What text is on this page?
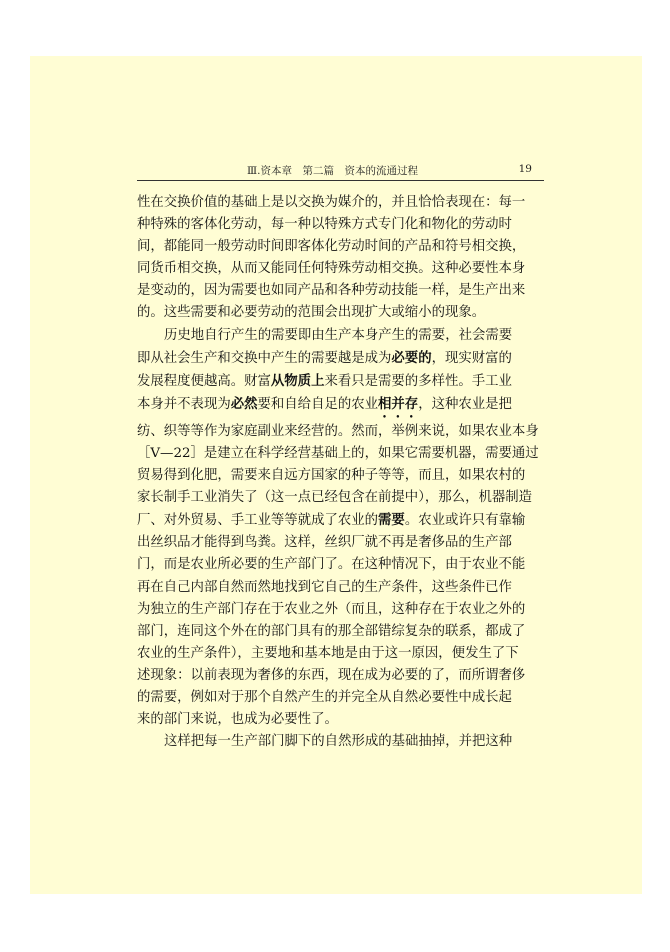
Ⅲ.资本章　第二篇　资本的流通过程	19

性在交换价值的基础上是以交换为媒介的，并且恰恰表现在：每一

种特殊的客体化劳动，每一种以特殊方式专门化和物化的劳动时

间，都能同一般劳动时间即客体化劳动时间的产品和符号相交换，

同货币相交换，从而又能同任何特殊劳动相交换。这种必要性本身

是变动的，因为需要也如同产品和各种劳动技能一样，是生产出来

的。这些需要和必要劳动的范围会出现扩大或缩小的现象。

历史地自行产生的需要即由生产本身产生的需要，社会需要

即从社会生产和交换中产生的需要越是成为必要的，现实财富的

发展程度便越高。财富从物质上来看只是需要的多样性。手工业

本身并不表现为必然要和自给自足的农业相并存，这种农业是把

纺、织等等作为家庭副业来经营的。然而，举例来说，如果农业本身

［Ⅴ—22］是建立在科学经营基础上的，如果它需要机器，需要通过

贸易得到化肥，需要来自远方国家的种子等等，而且，如果农村的

家长制手工业消失了（这一点已经包含在前提中），那么，机器制造

厂、对外贸易、手工业等等就成了农业的需要。农业或许只有靠输

出丝织品才能得到鸟粪。这样，丝织厂就不再是奢侈品的生产部

门，而是农业所必要的生产部门了。在这种情况下，由于农业不能

再在自己内部自然而然地找到它自己的生产条件，这些条件已作

为独立的生产部门存在于农业之外（而且，这种存在于农业之外的

部门，连同这个外在的部门具有的那全部错综复杂的联系，都成了

农业的生产条件），主要地和基本地是由于这一原因，便发生了下

述现象：以前表现为奢侈的东西，现在成为必要的了，而所谓奢侈

的需要，例如对于那个自然产生的并完全从自然必要性中成长起

来的部门来说，也成为必要性了。

这样把每一生产部门脚下的自然形成的基础抽掉，并把这种
